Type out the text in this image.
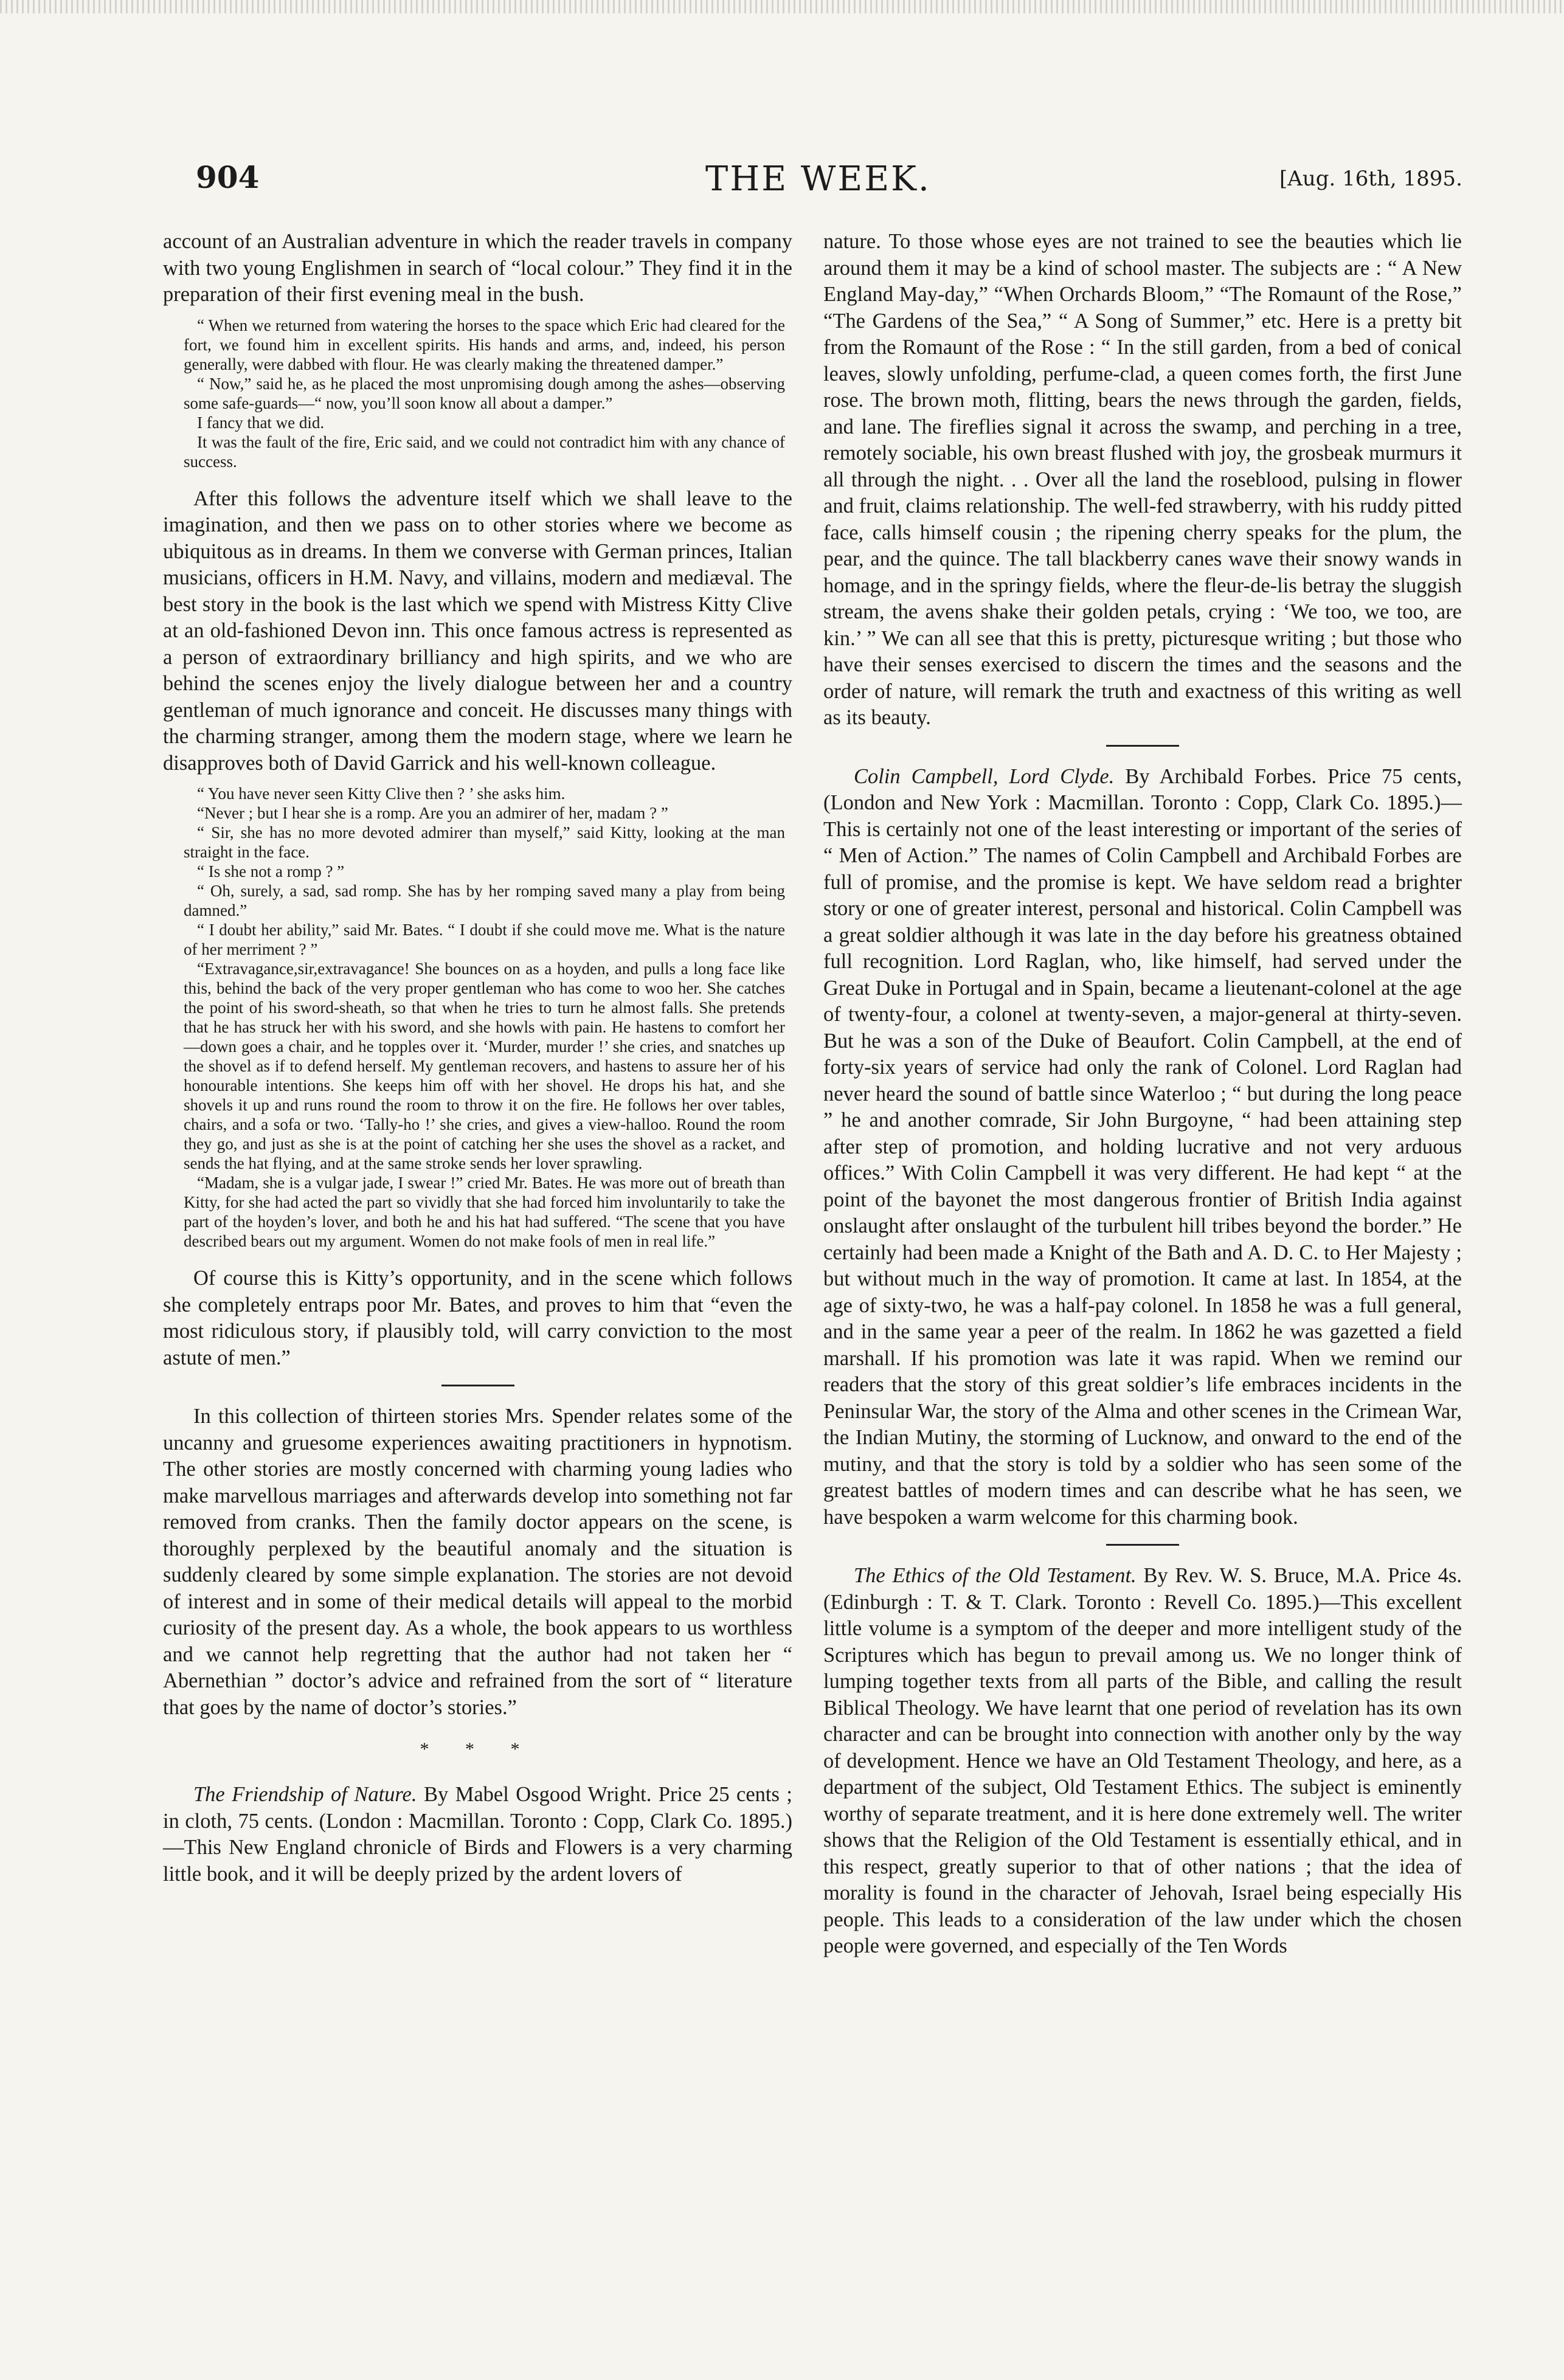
904	THE WEEK.	[Aug. 16th, 1895.

account of an Australian adventure in which the reader travels in company with two young Englishmen in search of “local colour.” They find it in the preparation of their first evening meal in the bush.

“ When we returned from watering the horses to the space which Eric had cleared for the fort, we found him in excellent spirits. His hands and arms, and, indeed, his person generally, were dabbed with flour. He was clearly making the threatened damper.”

“ Now,” said he, as he placed the most unpromising dough among the ashes—observing some safe-guards—“ now, you’ll soon know all about a damper.”

I fancy that we did.

It was the fault of the fire, Eric said, and we could not contradict him with any chance of success.

After this follows the adventure itself which we shall leave to the imagination, and then we pass on to other stories where we become as ubiquitous as in dreams. In them we converse with German princes, Italian musicians, officers in H.M. Navy, and villains, modern and mediæval. The best story in the book is the last which we spend with Mistress Kitty Clive at an old-fashioned Devon inn. This once famous actress is represented as a person of extraordinary brilliancy and high spirits, and we who are behind the scenes enjoy the lively dialogue between her and a country gentleman of much ignorance and conceit. He discusses many things with the charming stranger, among them the modern stage, where we learn he disapproves both of David Garrick and his well-known colleague.

“ You have never seen Kitty Clive then ? ’ she asks him.

“Never ; but I hear she is a romp. Are you an admirer of her, madam ? ”

“ Sir, she has no more devoted admirer than myself,” said Kitty, looking at the man straight in the face.

“ Is she not a romp ? ”

“ Oh, surely, a sad, sad romp. She has by her romping saved many a play from being damned.”

“ I doubt her ability,” said Mr. Bates. “ I doubt if she could move me. What is the nature of her merriment ? ”

“Extravagance,sir,extravagance! She bounces on as a hoyden, and pulls a long face like this, behind the back of the very proper gentleman who has come to woo her. She catches the point of his sword-sheath, so that when he tries to turn he almost falls. She pretends that he has struck her with his sword, and she howls with pain. He hastens to comfort her—down goes a chair, and he topples over it. ‘Murder, murder !’ she cries, and snatches up the shovel as if to defend herself. My gentleman recovers, and hastens to assure her of his honourable intentions. She keeps him off with her shovel. He drops his hat, and she shovels it up and runs round the room to throw it on the fire. He follows her over tables, chairs, and a sofa or two. ‘Tally-ho !’ she cries, and gives a view-halloo. Round the room they go, and just as she is at the point of catching her she uses the shovel as a racket, and sends the hat flying, and at the same stroke sends her lover sprawling.

“Madam, she is a vulgar jade, I swear !” cried Mr. Bates. He was more out of breath than Kitty, for she had acted the part so vividly that she had forced him involuntarily to take the part of the hoyden’s lover, and both he and his hat had suffered. “The scene that you have described bears out my argument. Women do not make fools of men in real life.”

Of course this is Kitty’s opportunity, and in the scene which follows she completely entraps poor Mr. Bates, and proves to him that “even the most ridiculous story, if plausibly told, will carry conviction to the most astute of men.”

In this collection of thirteen stories Mrs. Spender relates some of the uncanny and gruesome experiences awaiting practitioners in hypnotism. The other stories are mostly concerned with charming young ladies who make marvellous marriages and afterwards develop into something not far removed from cranks. Then the family doctor appears on the scene, is thoroughly perplexed by the beautiful anomaly and the situation is suddenly cleared by some simple explanation. The stories are not devoid of interest and in some of their medical details will appeal to the morbid curiosity of the present day. As a whole, the book appears to us worthless and we cannot help regretting that the author had not taken her “ Abernethian ” doctor’s advice and refrained from the sort of “ literature that goes by the name of doctor’s stories.”

* * *

The Friendship of Nature. By Mabel Osgood Wright. Price 25 cents ; in cloth, 75 cents. (London : Macmillan. Toronto : Copp, Clark Co. 1895.)—This New England chronicle of Birds and Flowers is a very charming little book, and it will be deeply prized by the ardent lovers of

nature. To those whose eyes are not trained to see the beauties which lie around them it may be a kind of school master. The subjects are : “ A New England May-day,” “When Orchards Bloom,” “The Romaunt of the Rose,” “The Gardens of the Sea,” “ A Song of Summer,” etc. Here is a pretty bit from the Romaunt of the Rose : “ In the still garden, from a bed of conical leaves, slowly unfolding, perfume-clad, a queen comes forth, the first June rose. The brown moth, flitting, bears the news through the garden, fields, and lane. The fireflies signal it across the swamp, and perching in a tree, remotely sociable, his own breast flushed with joy, the grosbeak murmurs it all through the night. . . Over all the land the roseblood, pulsing in flower and fruit, claims relationship. The well-fed strawberry, with his ruddy pitted face, calls himself cousin ; the ripening cherry speaks for the plum, the pear, and the quince. The tall blackberry canes wave their snowy wands in homage, and in the springy fields, where the fleur-de-lis betray the sluggish stream, the avens shake their golden petals, crying : ‘We too, we too, are kin.’ ” We can all see that this is pretty, picturesque writing ; but those who have their senses exercised to discern the times and the seasons and the order of nature, will remark the truth and exactness of this writing as well as its beauty.

Colin Campbell, Lord Clyde. By Archibald Forbes. Price 75 cents, (London and New York : Macmillan. Toronto : Copp, Clark Co. 1895.)—This is certainly not one of the least interesting or important of the series of “ Men of Action.” The names of Colin Campbell and Archibald Forbes are full of promise, and the promise is kept. We have seldom read a brighter story or one of greater interest, personal and historical. Colin Campbell was a great soldier although it was late in the day before his greatness obtained full recognition. Lord Raglan, who, like himself, had served under the Great Duke in Portugal and in Spain, became a lieutenant-colonel at the age of twenty-four, a colonel at twenty-seven, a major-general at thirty-seven. But he was a son of the Duke of Beaufort. Colin Campbell, at the end of forty-six years of service had only the rank of Colonel. Lord Raglan had never heard the sound of battle since Waterloo ; “ but during the long peace ” he and another comrade, Sir John Burgoyne, “ had been attaining step after step of promotion, and holding lucrative and not very arduous offices.” With Colin Campbell it was very different. He had kept “ at the point of the bayonet the most dangerous frontier of British India against onslaught after onslaught of the turbulent hill tribes beyond the border.” He certainly had been made a Knight of the Bath and A. D. C. to Her Majesty ; but without much in the way of promotion. It came at last. In 1854, at the age of sixty-two, he was a half-pay colonel. In 1858 he was a full general, and in the same year a peer of the realm. In 1862 he was gazetted a field marshall. If his promotion was late it was rapid. When we remind our readers that the story of this great soldier’s life embraces incidents in the Peninsular War, the story of the Alma and other scenes in the Crimean War, the Indian Mutiny, the storming of Lucknow, and onward to the end of the mutiny, and that the story is told by a soldier who has seen some of the greatest battles of modern times and can describe what he has seen, we have bespoken a warm welcome for this charming book.

The Ethics of the Old Testament. By Rev. W. S. Bruce, M.A. Price 4s. (Edinburgh : T. & T. Clark. Toronto : Revell Co. 1895.)—This excellent little volume is a symptom of the deeper and more intelligent study of the Scriptures which has begun to prevail among us. We no longer think of lumping together texts from all parts of the Bible, and calling the result Biblical Theology. We have learnt that one period of revelation has its own character and can be brought into connection with another only by the way of development. Hence we have an Old Testament Theology, and here, as a department of the subject, Old Testament Ethics. The subject is eminently worthy of separate treatment, and it is here done extremely well. The writer shows that the Religion of the Old Testament is essentially ethical, and in this respect, greatly superior to that of other nations ; that the idea of morality is found in the character of Jehovah, Israel being especially His people. This leads to a consideration of the law under which the chosen people were governed, and especially of the Ten Words
